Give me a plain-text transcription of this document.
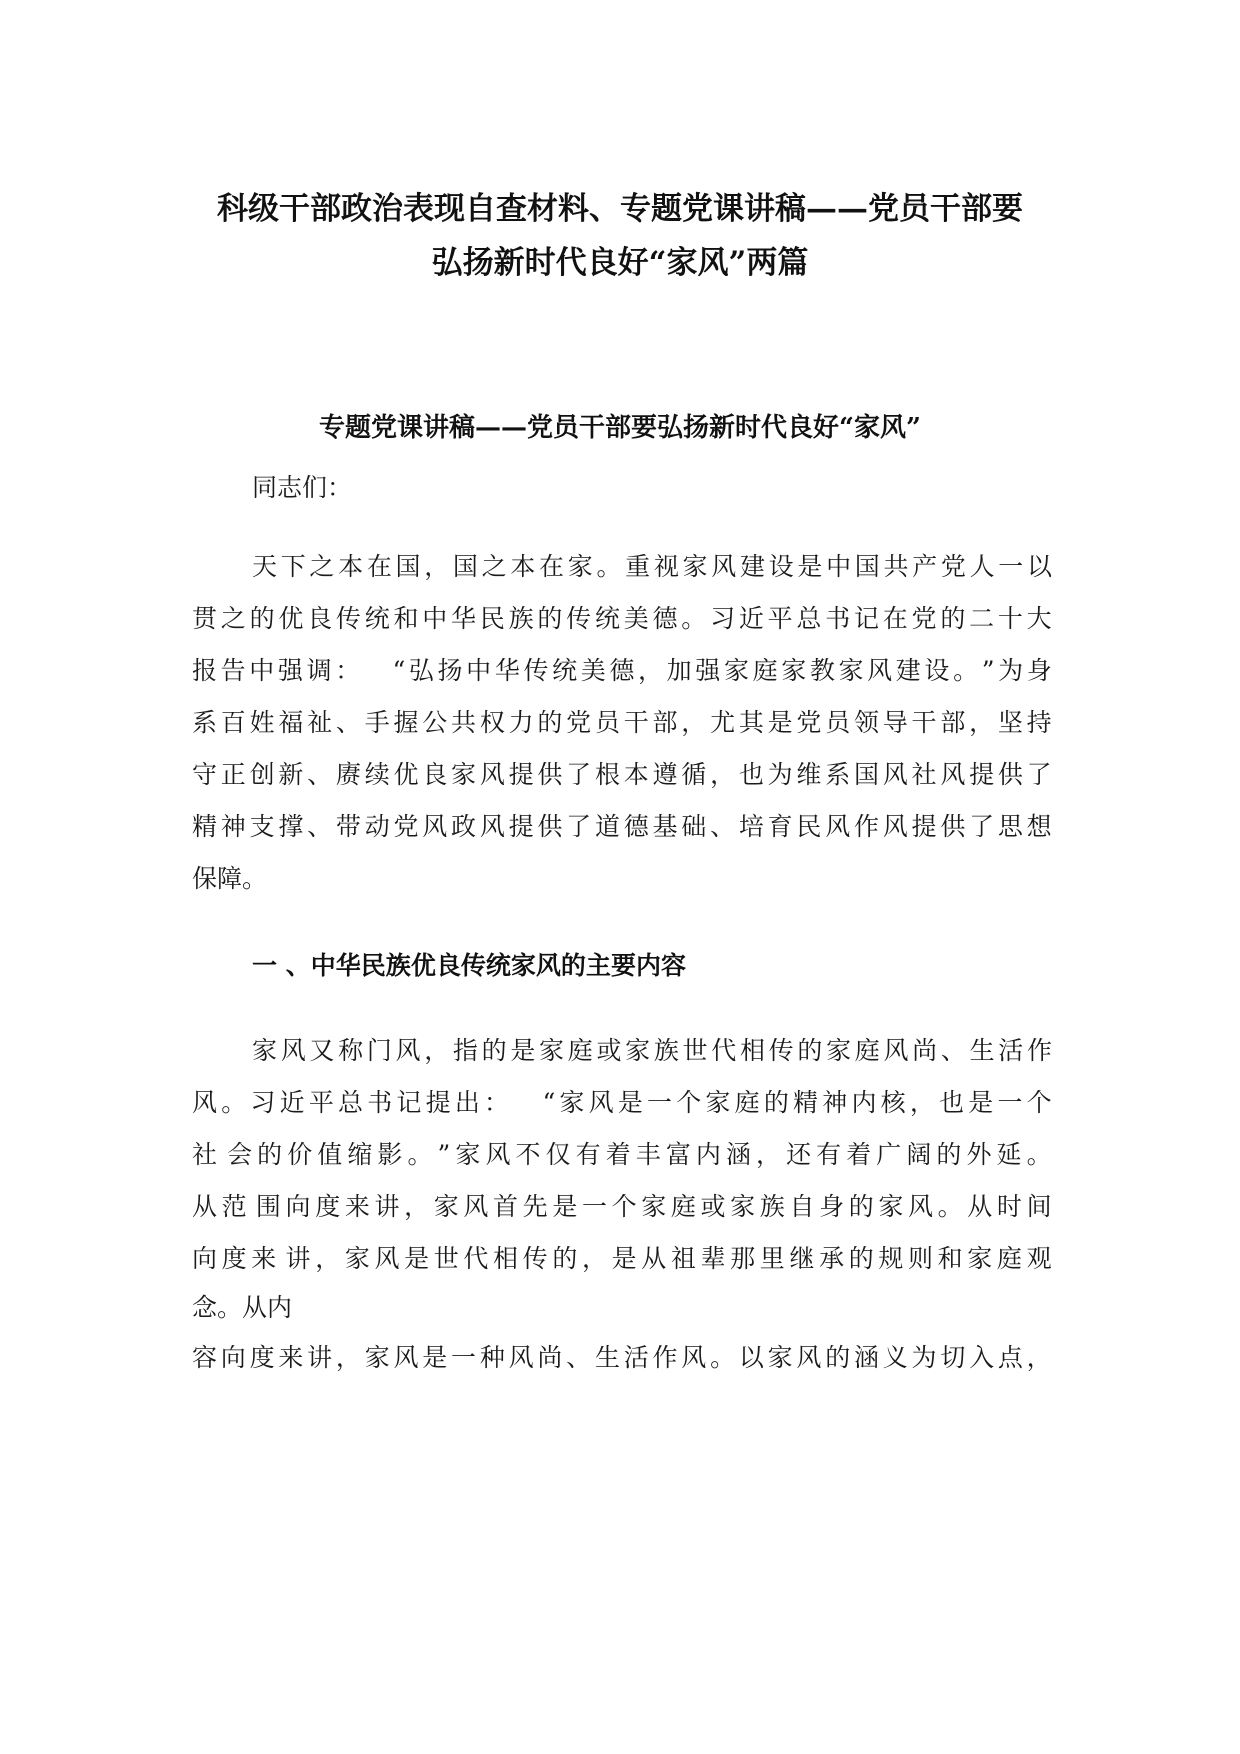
科级干部政治表现自查材料、专题党课讲稿——党员干部要
弘扬新时代良好“家风”两篇
专题党课讲稿——党员干部要弘扬新时代良好“家风”
同志们：
天 下 之 本 在 国 ， 国 之 本 在 家 。 重 视 家 风 建 设 是 中 国 共 产 党 人 一 以
贯 之 的 优 良 传 统 和 中 华 民 族 的 传 统 美 德 。 习 近 平 总 书 记 在 党 的 二 十 大
报 告 中 强 调 ：
　 “ 弘 扬 中 华 传 统 美 德 ， 加 强 家 庭 家 教 家 风 建 设 。 ” 为 身
系 百 姓 福 祉 、 手 握 公 共 权 力 的 党 员 干 部 ， 尤 其 是 党 员 领 导 干 部 ， 坚 持
守 正 创 新 、 赓 续 优 良 家 风 提 供 了 根 本 遵 循 ， 也 为 维 系 国 风 社 风 提 供 了
精 神 支 撑 、 带 动 党 风 政 风 提 供 了 道 德 基 础 、 培 育 民 风 作 风 提 供 了 思 想
保障。
一 、中华民族优良传统家风的主要内容
家 风 又 称 门 风 ， 指 的 是 家 庭 或 家 族 世 代 相 传 的 家 庭 风 尚 、 生 活 作
风 。 习 近 平 总 书 记 提 出 ：
　 “ 家 风 是 一 个 家 庭 的 精 神 内 核 ， 也 是 一 个
社 会 的 价 值 缩 影 。 ” 家 风 不 仅 有 着 丰 富 内 涵 ， 还 有 着 广 阔 的 外 延 。
从 范 围 向 度 来 讲 ， 家 风 首 先 是 一 个 家 庭 或 家 族 自 身 的 家 风 。 从 时 间
向 度 来 讲 ， 家 风 是 世 代 相 传 的 ， 是 从 祖 辈 那 里 继 承 的 规 则 和 家 庭 观
念。从内
容 向 度 来 讲 ， 家 风 是 一 种 风 尚 、 生 活 作 风 。 以 家 风 的 涵 义 为 切 入 点 ，
